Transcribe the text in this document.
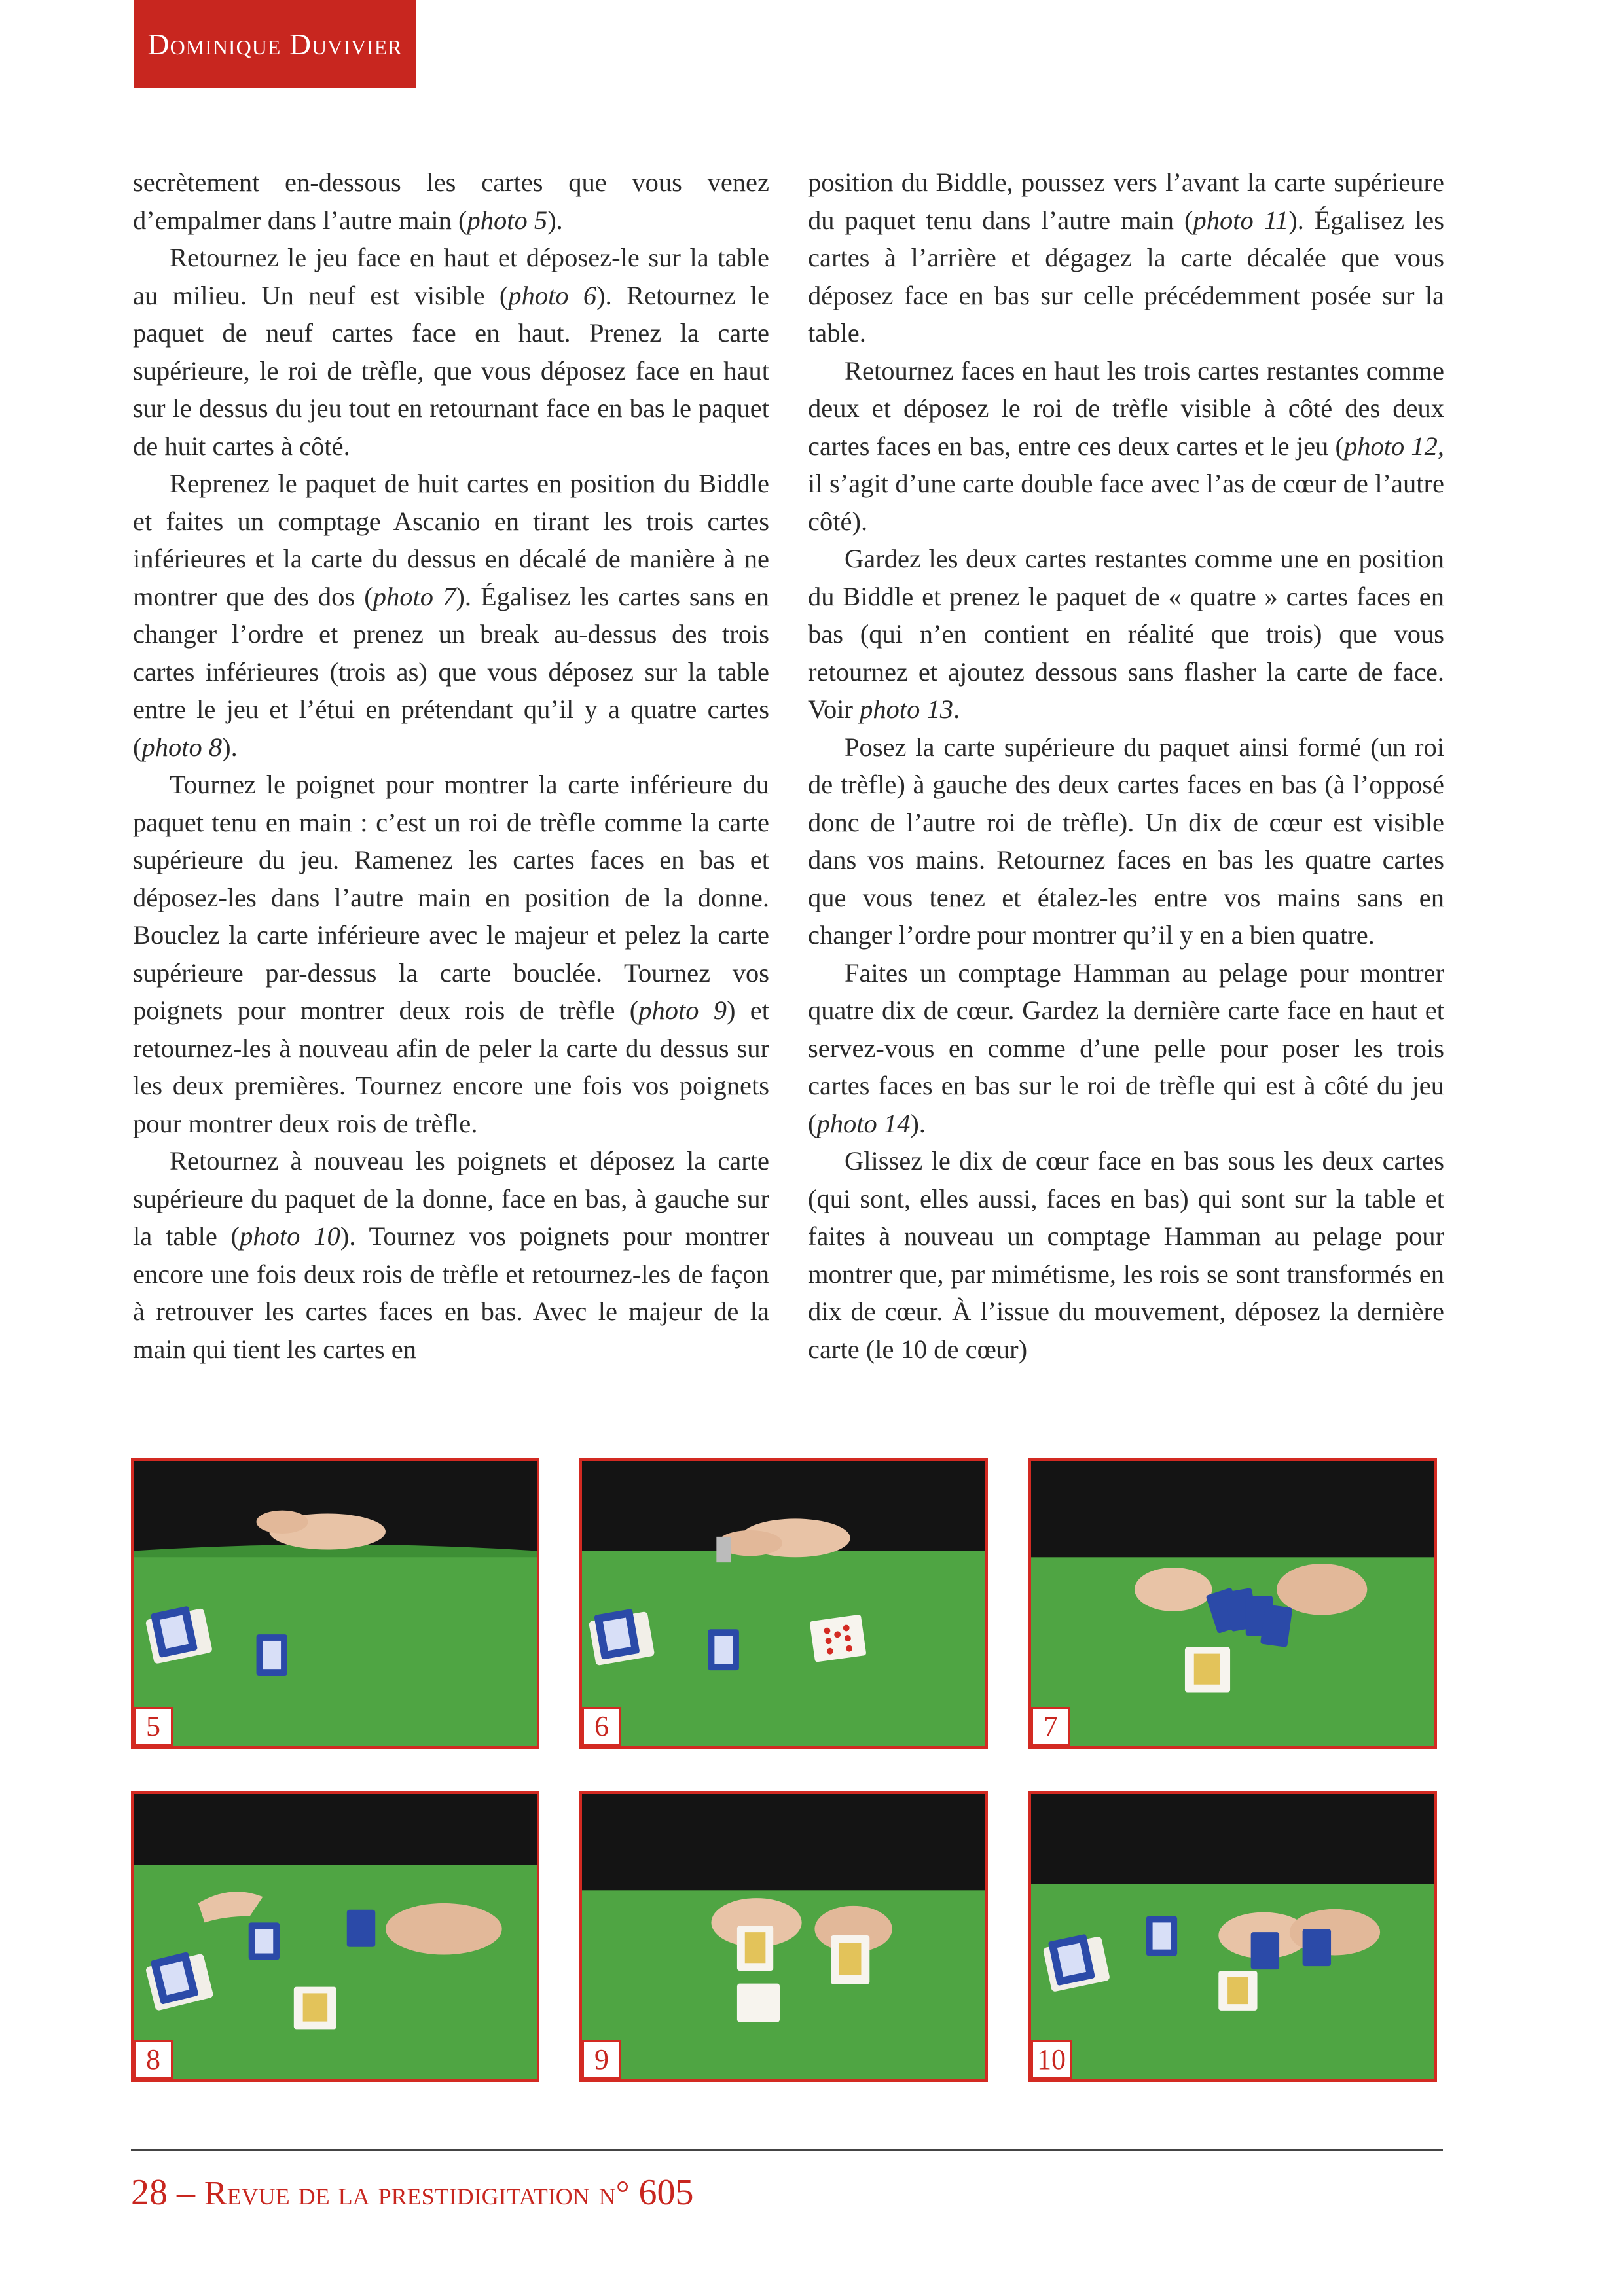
Dominique Duvivier

secrètement en-dessous les cartes que vous venez d’empalmer dans l’autre main (photo 5).

Retournez le jeu face en haut et déposez-le sur la table au milieu. Un neuf est visible (photo 6). Retournez le paquet de neuf cartes face en haut. Prenez la carte supérieure, le roi de trèfle, que vous déposez face en haut sur le dessus du jeu tout en retournant face en bas le paquet de huit cartes à côté.

Reprenez le paquet de huit cartes en position du Biddle et faites un comptage Ascanio en tirant les trois cartes inférieures et la carte du dessus en décalé de manière à ne montrer que des dos (photo 7). Égalisez les cartes sans en changer l’ordre et prenez un break au-dessus des trois cartes inférieures (trois as) que vous déposez sur la table entre le jeu et l’étui en prétendant qu’il y a quatre cartes (photo 8).

Tournez le poignet pour montrer la carte inférieure du paquet tenu en main : c’est un roi de trèfle comme la carte supérieure du jeu. Ramenez les cartes faces en bas et déposez-les dans l’autre main en position de la donne. Bouclez la carte inférieure avec le majeur et pelez la carte supérieure par-dessus la carte bouclée. Tournez vos poignets pour montrer deux rois de trèfle (photo 9) et retournez-les à nouveau afin de peler la carte du dessus sur les deux premières. Tournez encore une fois vos poignets pour montrer deux rois de trèfle.

Retournez à nouveau les poignets et déposez la carte supérieure du paquet de la donne, face en bas, à gauche sur la table (photo 10). Tournez vos poignets pour montrer encore une fois deux rois de trèfle et retournez-les de façon à retrouver les cartes faces en bas. Avec le majeur de la main qui tient les cartes en

position du Biddle, poussez vers l’avant la carte supérieure du paquet tenu dans l’autre main (photo 11). Égalisez les cartes à l’arrière et dégagez la carte décalée que vous déposez face en bas sur celle précédemment posée sur la table.

Retournez faces en haut les trois cartes restantes comme deux et déposez le roi de trèfle visible à côté des deux cartes faces en bas, entre ces deux cartes et le jeu (photo 12, il s’agit d’une carte double face avec l’as de cœur de l’autre côté).

Gardez les deux cartes restantes comme une en position du Biddle et prenez le paquet de « quatre » cartes faces en bas (qui n’en contient en réalité que trois) que vous retournez et ajoutez dessous sans flasher la carte de face. Voir photo 13.

Posez la carte supérieure du paquet ainsi formé (un roi de trèfle) à gauche des deux cartes faces en bas (à l’opposé donc de l’autre roi de trèfle). Un dix de cœur est visible dans vos mains. Retournez faces en bas les quatre cartes que vous tenez et étalez-les entre vos mains sans en changer l’ordre pour montrer qu’il y en a bien quatre.

Faites un comptage Hamman au pelage pour montrer quatre dix de cœur. Gardez la dernière carte face en haut et servez-vous en comme d’une pelle pour poser les trois cartes faces en bas sur le roi de trèfle qui est à côté du jeu (photo 14).

Glissez le dix de cœur face en bas sous les deux cartes (qui sont, elles aussi, faces en bas) qui sont sur la table et faites à nouveau un comptage Hamman au pelage pour montrer que, par mimétisme, les rois se sont transformés en dix de cœur. À l’issue du mouvement, déposez la dernière carte (le 10 de cœur)

5	6	7
8	9	10
28 – Revue de la prestidigitation n° 605
